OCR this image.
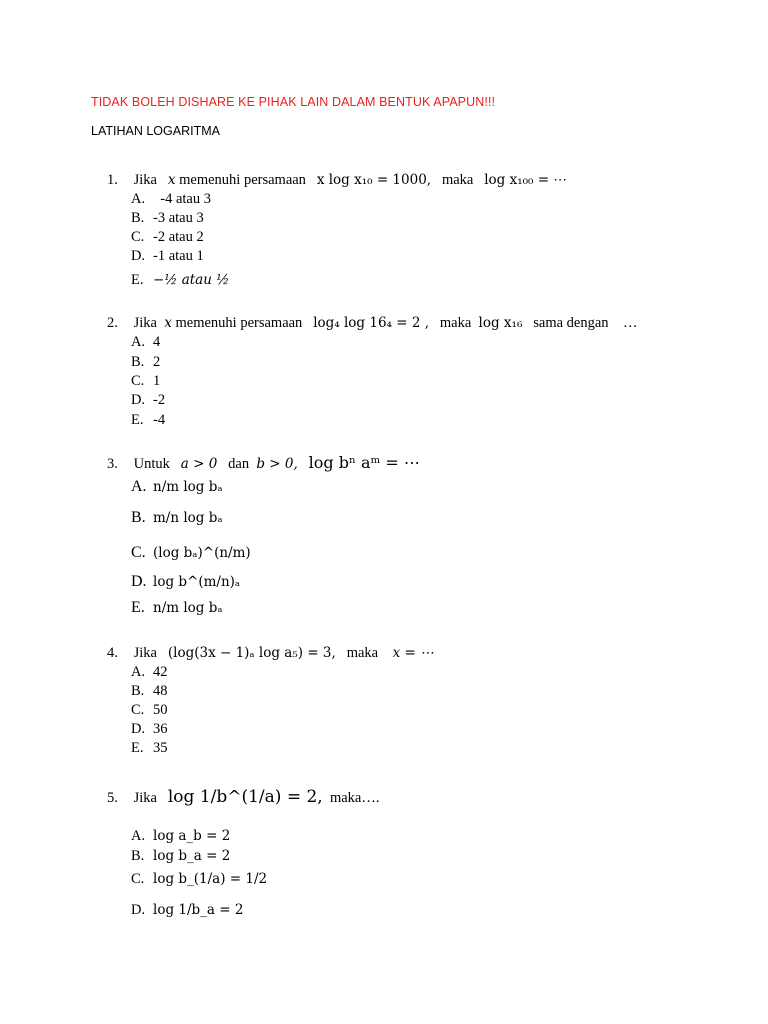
TIDAK BOLEH DISHARE KE PIHAK LAIN DALAM BENTUK APAPUN!!!
LATIHAN LOGARITMA
1. Jika x memenuhi persamaan x log x₁₀ = 1000, maka log x₁₀₀ = ⋯
A. -4 atau 3
B. -3 atau 3
C. -2 atau 2
D. -1 atau 1
E. −½ atau ½
2. Jika x memenuhi persamaan log₄ log 16₄ = 2 , maka log x₁₆ sama dengan …
A. 4
B. 2
C. 1
D. -2
E. -4
3. Untuk a > 0 dan b > 0, log bⁿ aᵐ = ⋯
A. n/m log bₐ
B. m/n log bₐ
C. (log bₐ)^(n/m)
D. log b^(m/n)ₐ
E. n/m log bₐ
4. Jika (log(3x − 1)ₐ log a₅) = 3, maka x = ⋯
A. 42
B. 48
C. 50
D. 36
E. 35
5. Jika log 1/b^(1/a) = 2, maka….
A. log a_b = 2
B. log b_a = 2
C. log b_(1/a) = 1/2
D. log 1/b_a = 2
